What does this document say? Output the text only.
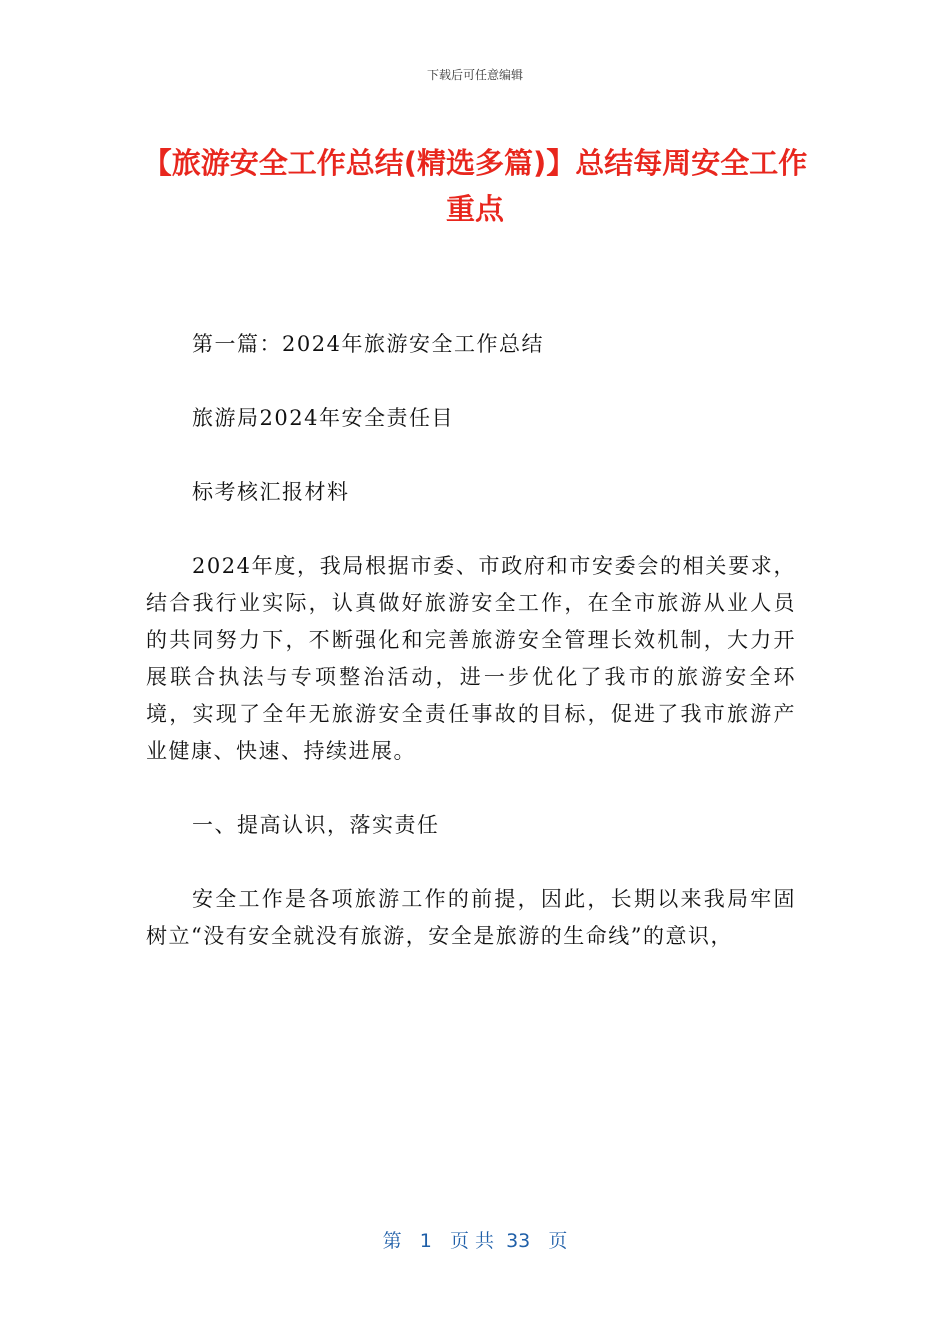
下载后可任意编辑
【旅游安全工作总结(精选多篇)】总结每周安全工作重点

第一篇：2024年旅游安全工作总结

旅游局2024年安全责任目

标考核汇报材料

2024年度，我局根据市委、市政府和市安委会的相关要求，结合我行业实际，认真做好旅游安全工作，在全市旅游从业人员的共同努力下，不断强化和完善旅游安全管理长效机制，大力开展联合执法与专项整治活动，进一步优化了我市的旅游安全环境，实现了全年无旅游安全责任事故的目标，促进了我市旅游产业健康、快速、持续进展。

一、提高认识，落实责任

安全工作是各项旅游工作的前提，因此，长期以来我局牢固树立“没有安全就没有旅游，安全是旅游的生命线”的意识，

第 1 页 共 33 页
